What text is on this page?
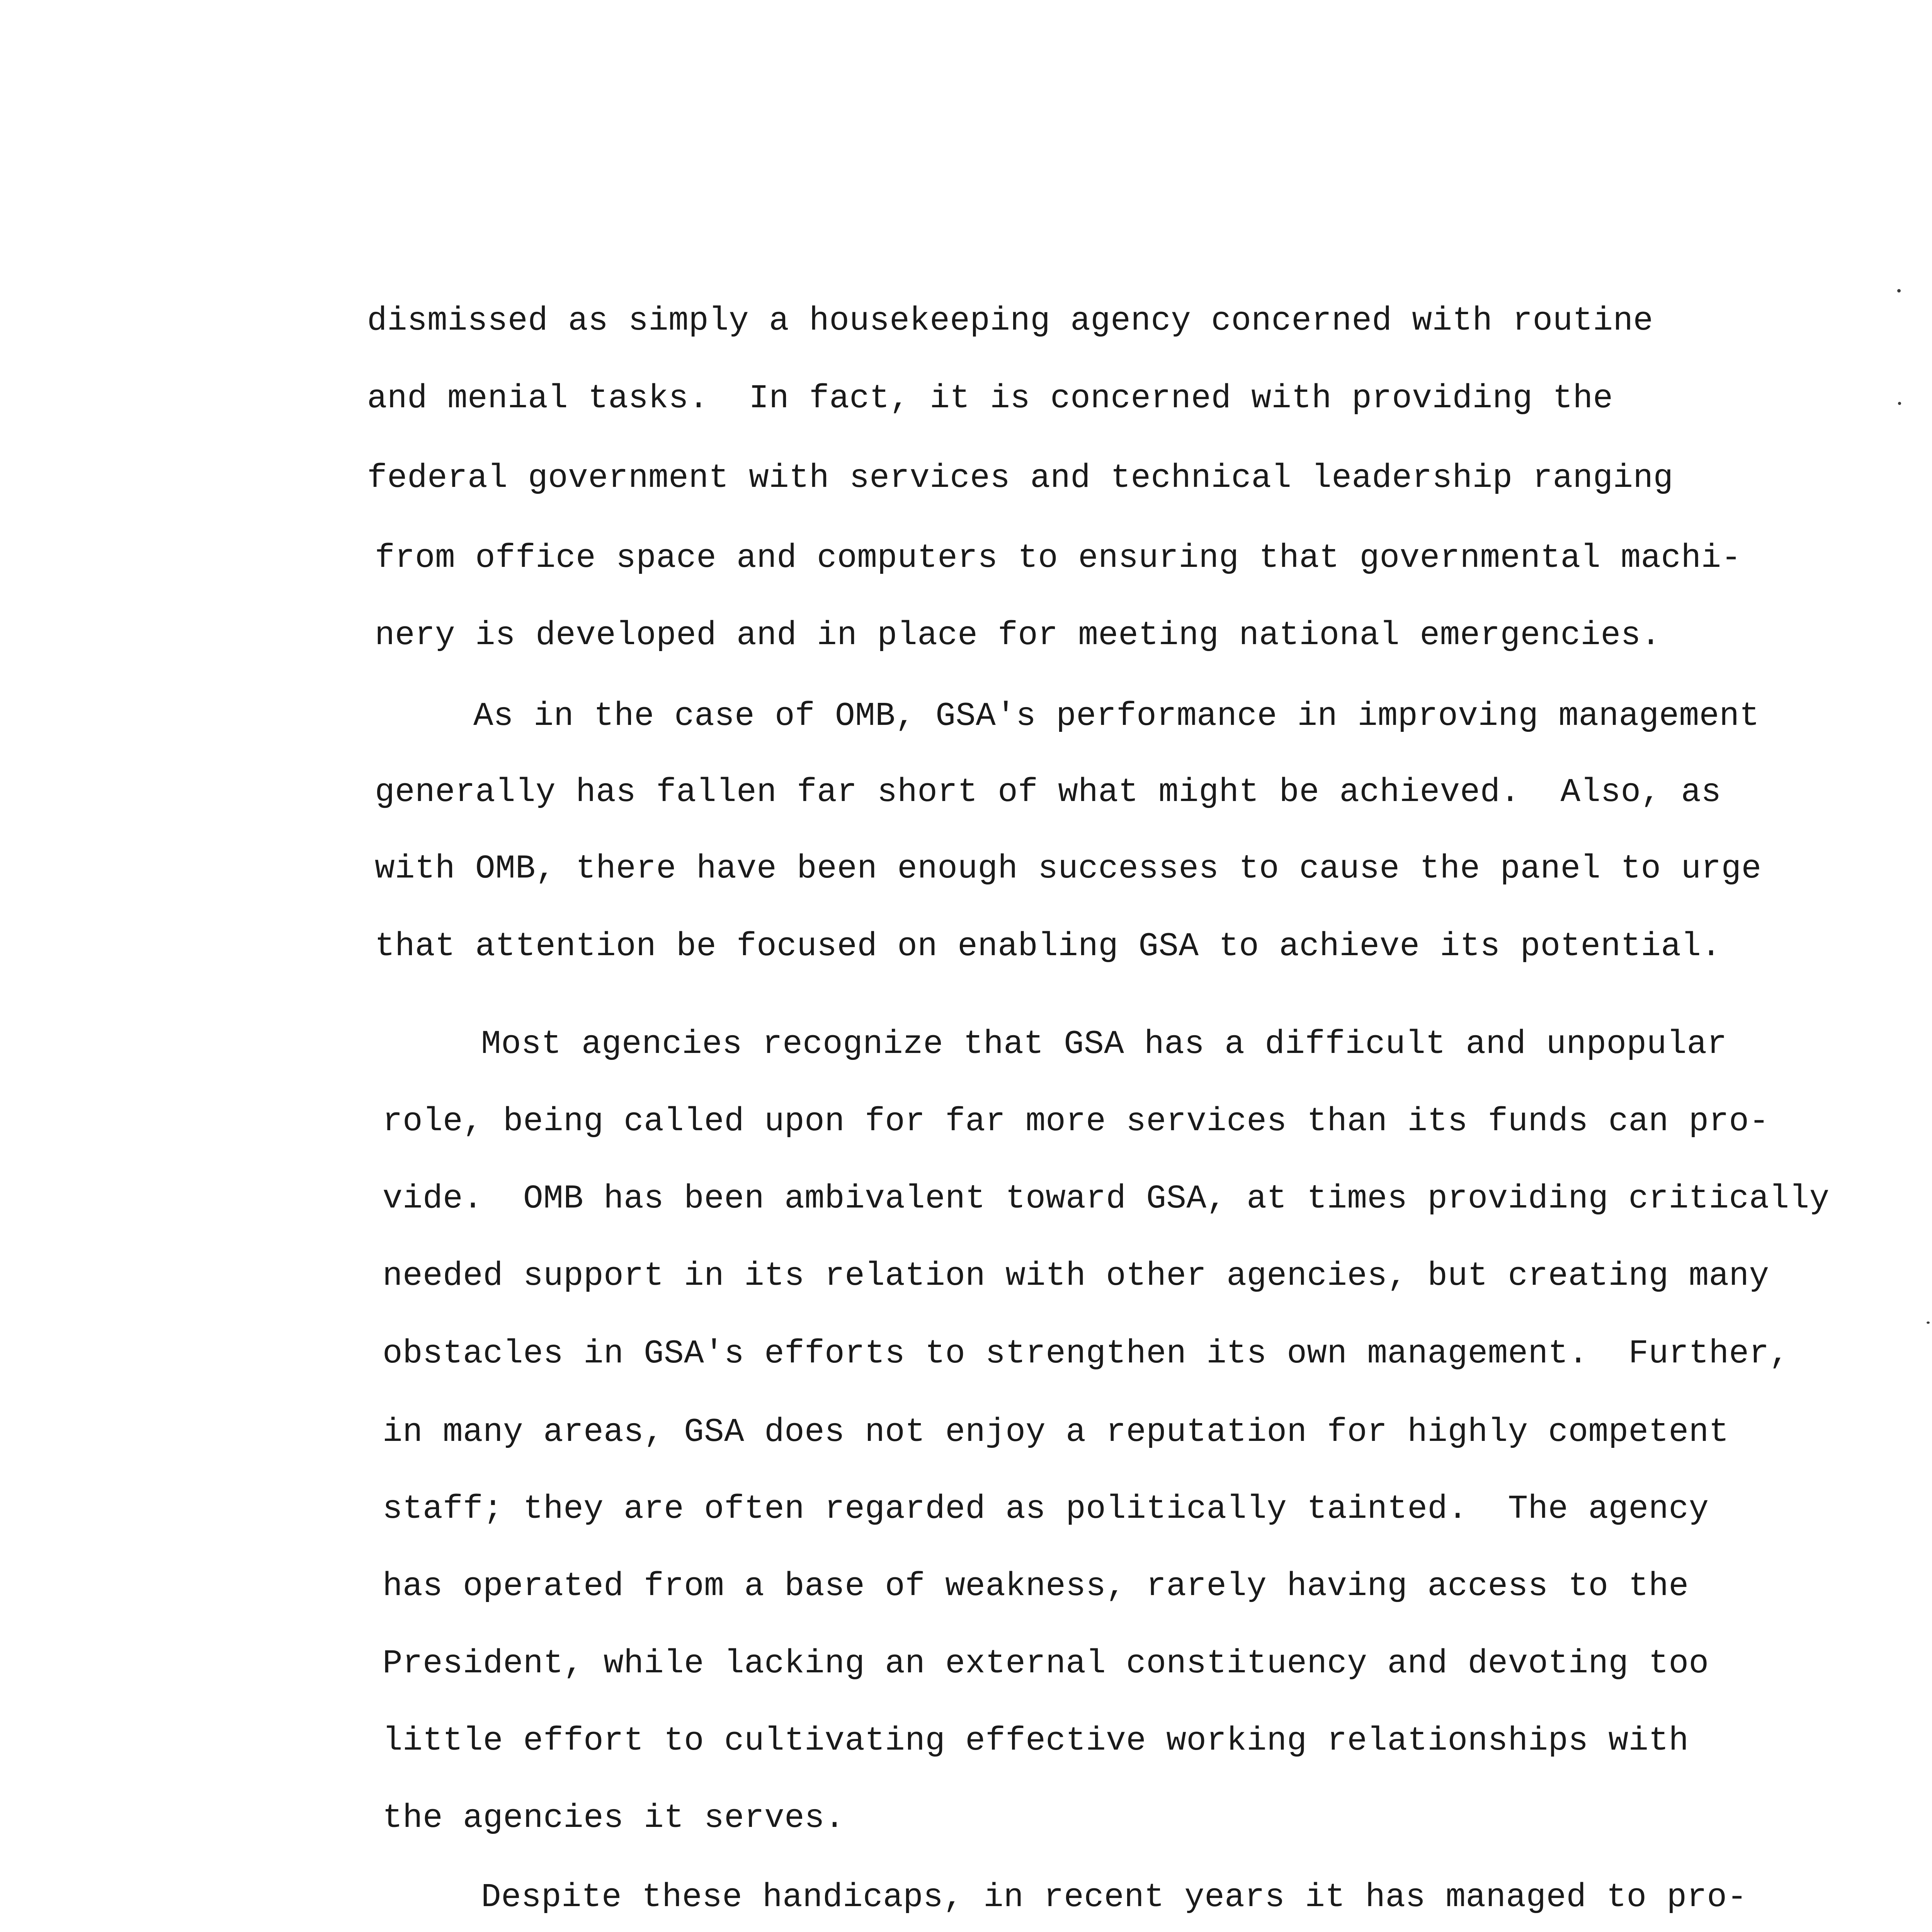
dismissed as simply a housekeeping agency concerned with routine
and menial tasks.  In fact, it is concerned with providing the
federal government with services and technical leadership ranging
from office space and computers to ensuring that governmental machi-
nery is developed and in place for meeting national emergencies.
As in the case of OMB, GSA's performance in improving management
generally has fallen far short of what might be achieved.  Also, as
with OMB, there have been enough successes to cause the panel to urge
that attention be focused on enabling GSA to achieve its potential.
Most agencies recognize that GSA has a difficult and unpopular
role, being called upon for far more services than its funds can pro-
vide.  OMB has been ambivalent toward GSA, at times providing critically
needed support in its relation with other agencies, but creating many
obstacles in GSA's efforts to strengthen its own management.  Further,
in many areas, GSA does not enjoy a reputation for highly competent
staff; they are often regarded as politically tainted.  The agency
has operated from a base of weakness, rarely having access to the
President, while lacking an external constituency and devoting too
little effort to cultivating effective working relationships with
the agencies it serves.
Despite these handicaps, in recent years it has managed to pro-
